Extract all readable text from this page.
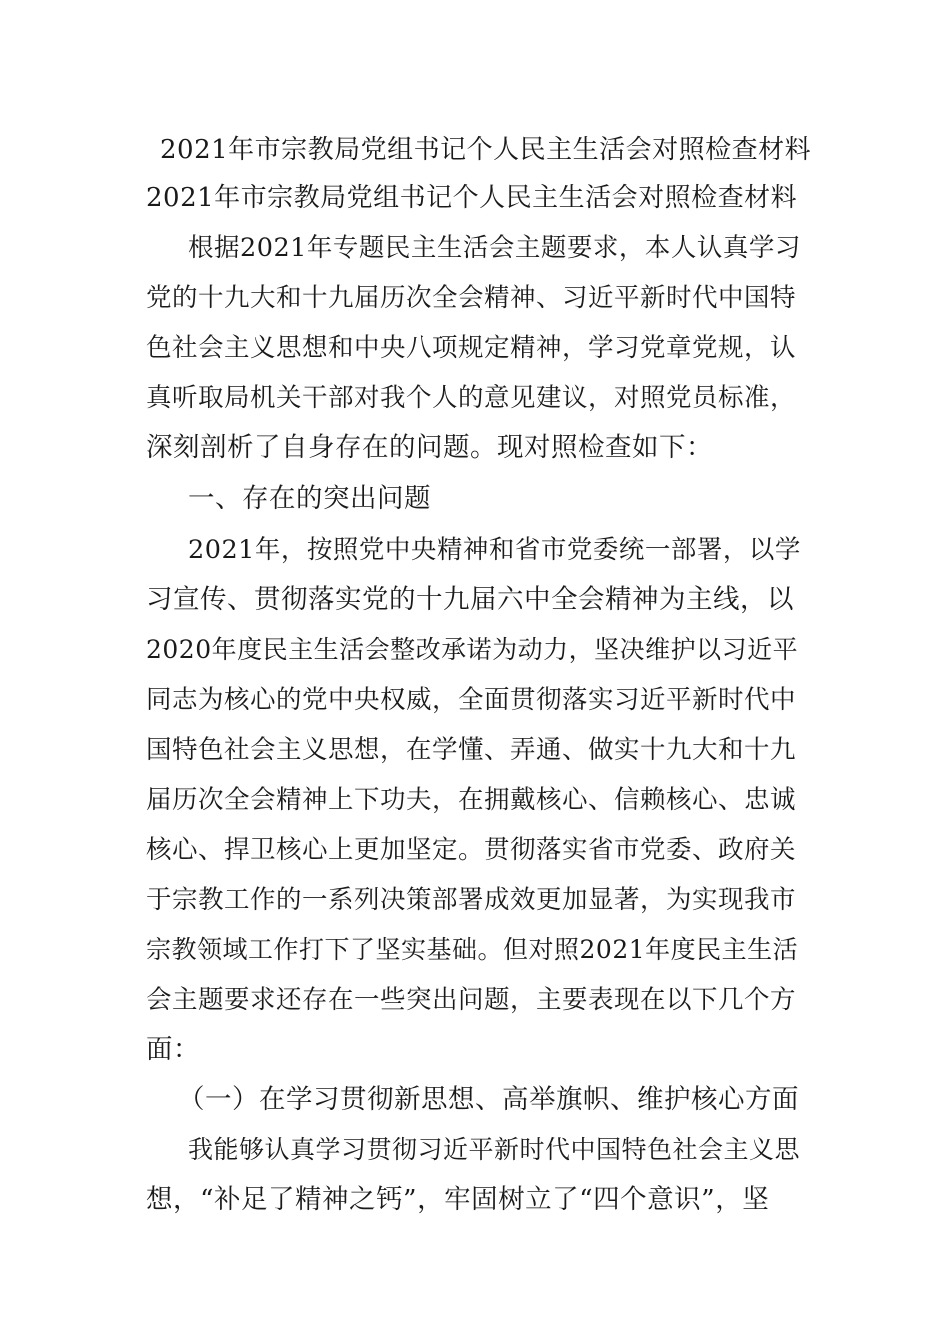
2021年市宗教局党组书记个人民主生活会对照检查材料
2021年市宗教局党组书记个人民主生活会对照检查材料
根据2021年专题民主生活会主题要求，本人认真学习
党的十九大和十九届历次全会精神、习近平新时代中国特
色社会主义思想和中央八项规定精神，学习党章党规，认
真听取局机关干部对我个人的意见建议，对照党员标准，
深刻剖析了自身存在的问题。现对照检查如下：
一、存在的突出问题
2021年，按照党中央精神和省市党委统一部署，以学
习宣传、贯彻落实党的十九届六中全会精神为主线，以
2020年度民主生活会整改承诺为动力，坚决维护以习近平
同志为核心的党中央权威，全面贯彻落实习近平新时代中
国特色社会主义思想，在学懂、弄通、做实十九大和十九
届历次全会精神上下功夫，在拥戴核心、信赖核心、忠诚
核心、捍卫核心上更加坚定。贯彻落实省市党委、政府关
于宗教工作的一系列决策部署成效更加显著，为实现我市
宗教领域工作打下了坚实基础。但对照2021年度民主生活
会主题要求还存在一些突出问题，主要表现在以下几个方
面：
（一）在学习贯彻新思想、高举旗帜、维护核心方面
我能够认真学习贯彻习近平新时代中国特色社会主义思
想，“补足了精神之钙”，牢固树立了“四个意识”，坚
